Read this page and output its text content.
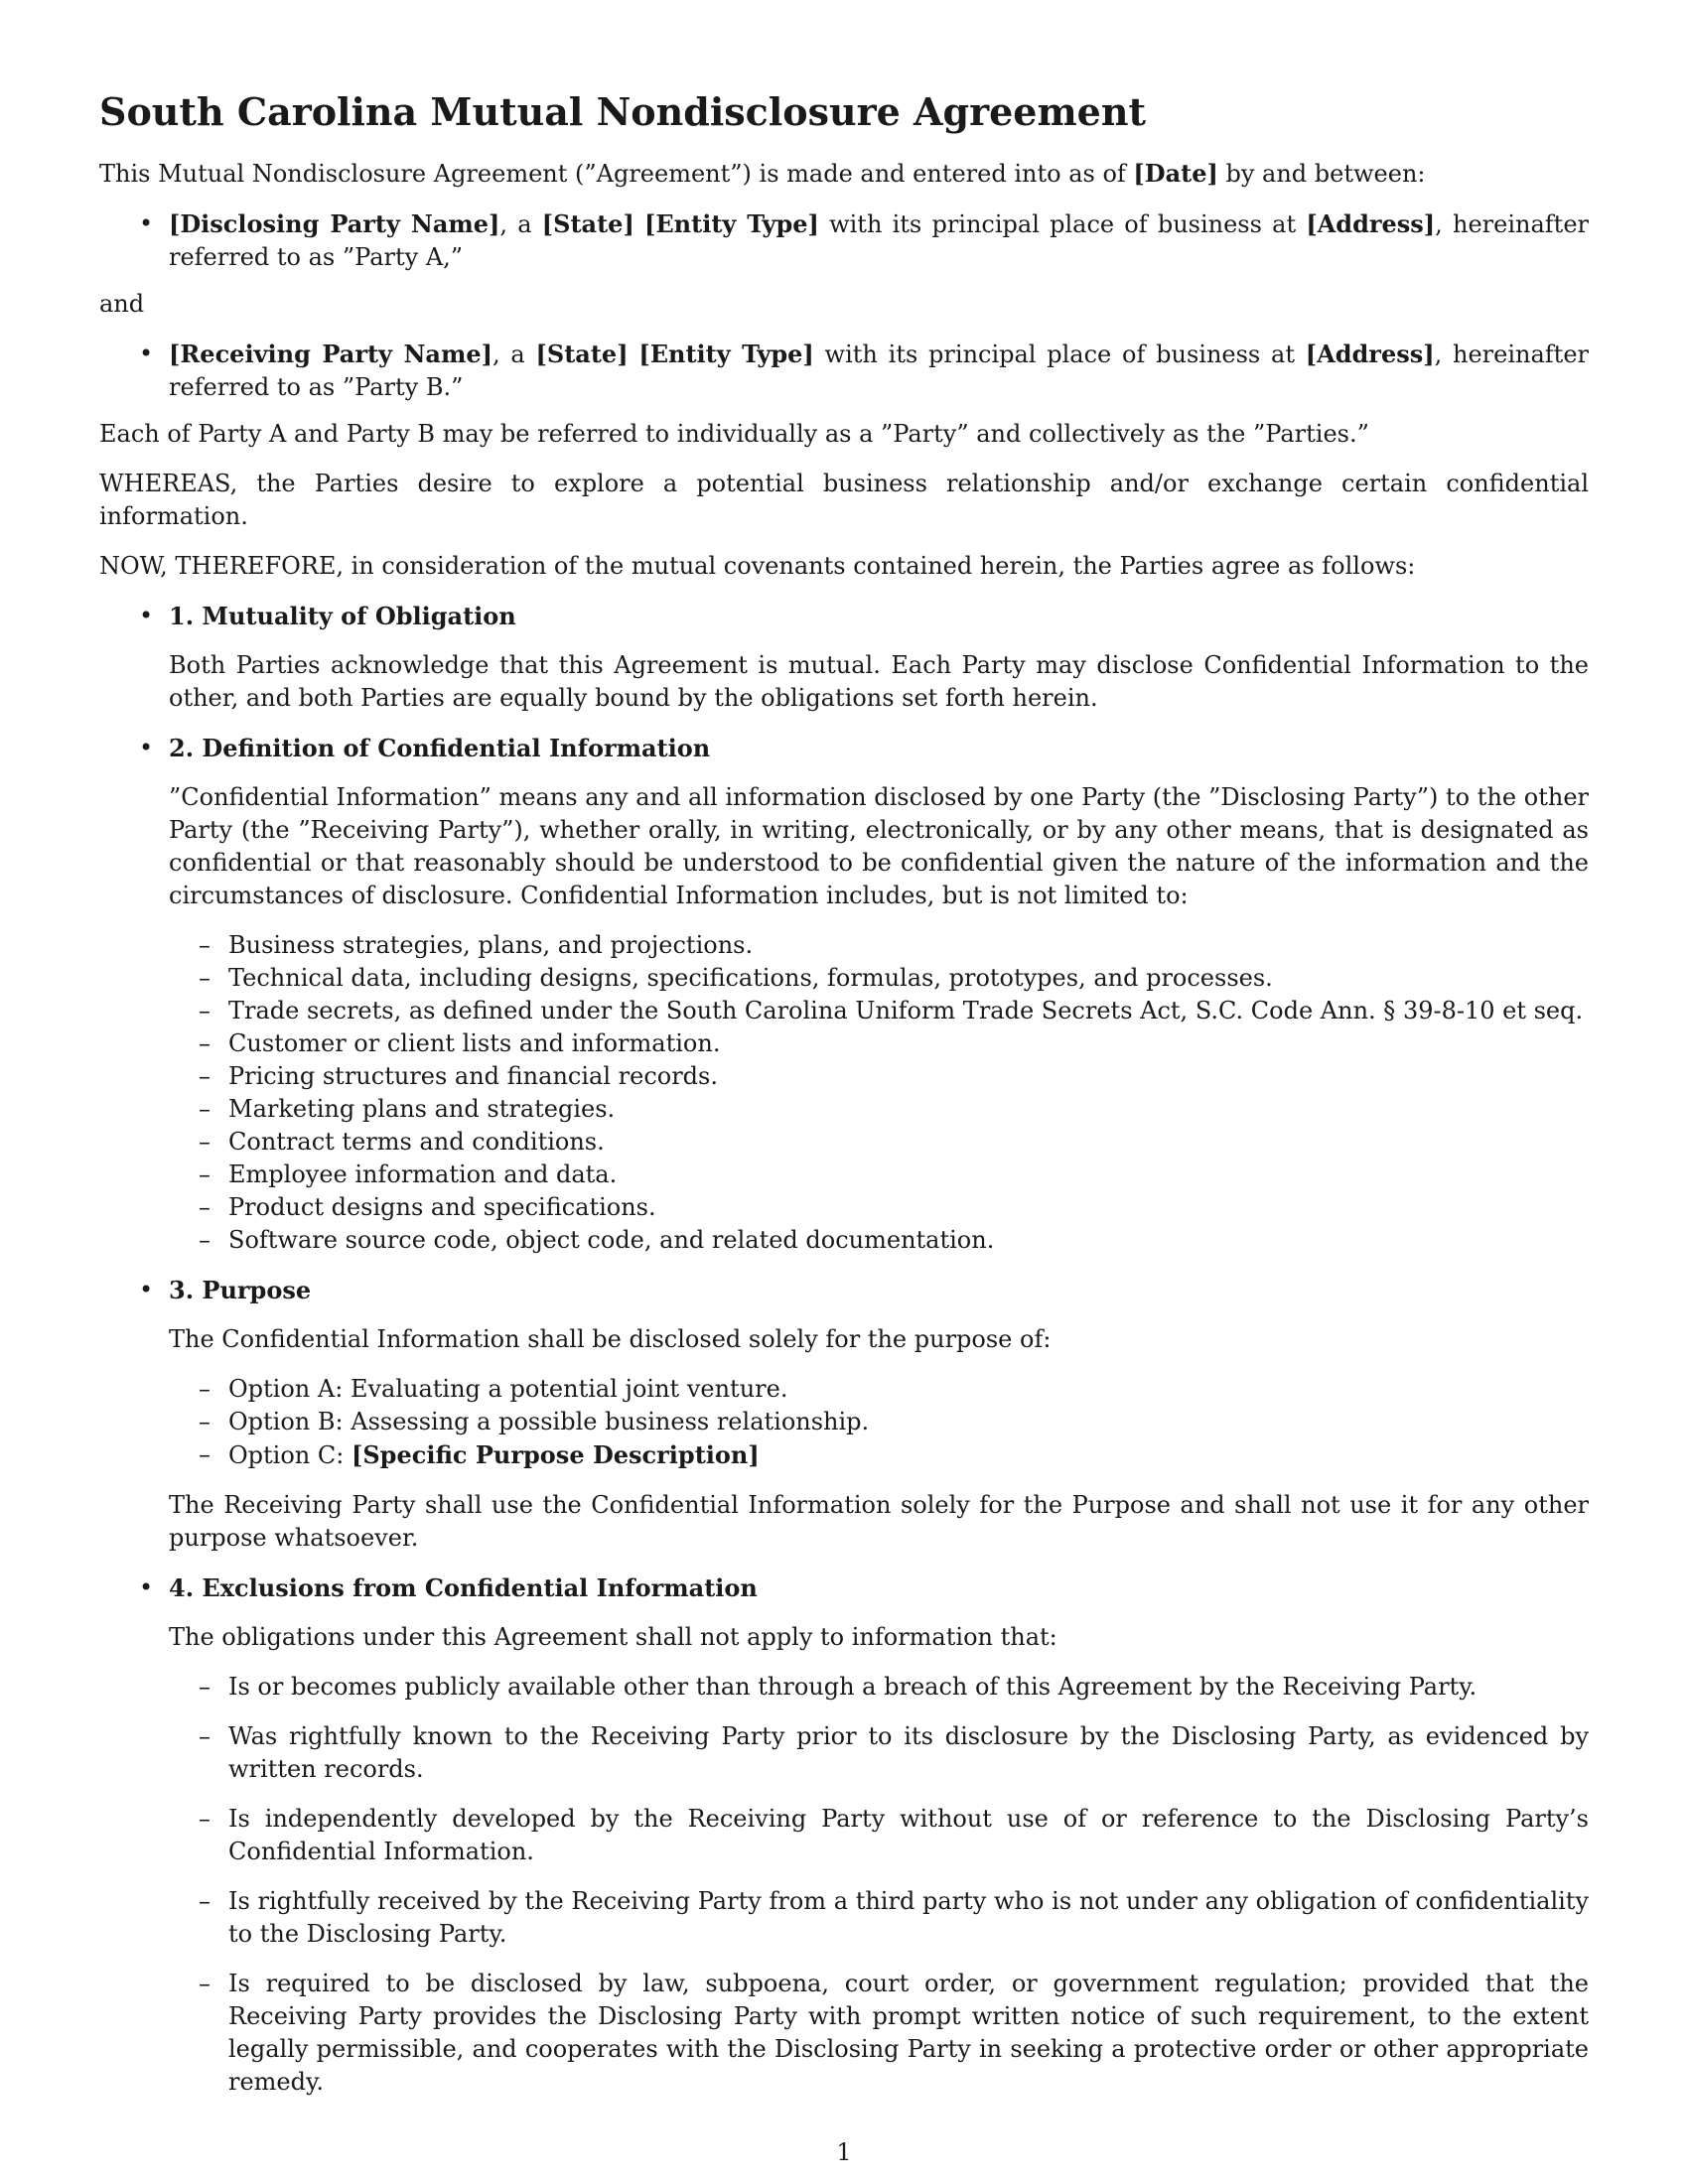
South Carolina Mutual Nondisclosure Agreement

This Mutual Nondisclosure Agreement (”Agreement”) is made and entered into as of [Date] by and between:

• [Disclosing Party Name], a [State] [Entity Type] with its principal place of business at [Address], hereinafter referred to as ”Party A,”

and

• [Receiving Party Name], a [State] [Entity Type] with its principal place of business at [Address], hereinafter referred to as ”Party B.”

Each of Party A and Party B may be referred to individually as a ”Party” and collectively as the ”Parties.”

WHEREAS, the Parties desire to explore a potential business relationship and/or exchange certain confidential information.

NOW, THEREFORE, in consideration of the mutual covenants contained herein, the Parties agree as follows:

• 1. Mutuality of Obligation

Both Parties acknowledge that this Agreement is mutual. Each Party may disclose Confidential Information to the other, and both Parties are equally bound by the obligations set forth herein.

• 2. Definition of Confidential Information

”Confidential Information” means any and all information disclosed by one Party (the ”Disclosing Party”) to the other Party (the ”Receiving Party”), whether orally, in writing, electronically, or by any other means, that is designated as confidential or that reasonably should be understood to be confidential given the nature of the information and the circumstances of disclosure. Confidential Information includes, but is not limited to:

– Business strategies, plans, and projections.
– Technical data, including designs, specifications, formulas, prototypes, and processes.
– Trade secrets, as defined under the South Carolina Uniform Trade Secrets Act, S.C. Code Ann. § 39-8-10 et seq.
– Customer or client lists and information.
– Pricing structures and financial records.
– Marketing plans and strategies.
– Contract terms and conditions.
– Employee information and data.
– Product designs and specifications.
– Software source code, object code, and related documentation.
• 3. Purpose

The Confidential Information shall be disclosed solely for the purpose of:

– Option A: Evaluating a potential joint venture.
– Option B: Assessing a possible business relationship.
– Option C: [Specific Purpose Description]

The Receiving Party shall use the Confidential Information solely for the Purpose and shall not use it for any other purpose whatsoever.

• 4. Exclusions from Confidential Information

The obligations under this Agreement shall not apply to information that:

– Is or becomes publicly available other than through a breach of this Agreement by the Receiving Party.
– Was rightfully known to the Receiving Party prior to its disclosure by the Disclosing Party, as evidenced by written records.
– Is independently developed by the Receiving Party without use of or reference to the Disclosing Party’s Confidential Information.
– Is rightfully received by the Receiving Party from a third party who is not under any obligation of confidentiality to the Disclosing Party.
– Is required to be disclosed by law, subpoena, court order, or government regulation; provided that the Receiving Party provides the Disclosing Party with prompt written notice of such requirement, to the extent legally permissible, and cooperates with the Disclosing Party in seeking a protective order or other appropriate remedy.
1
